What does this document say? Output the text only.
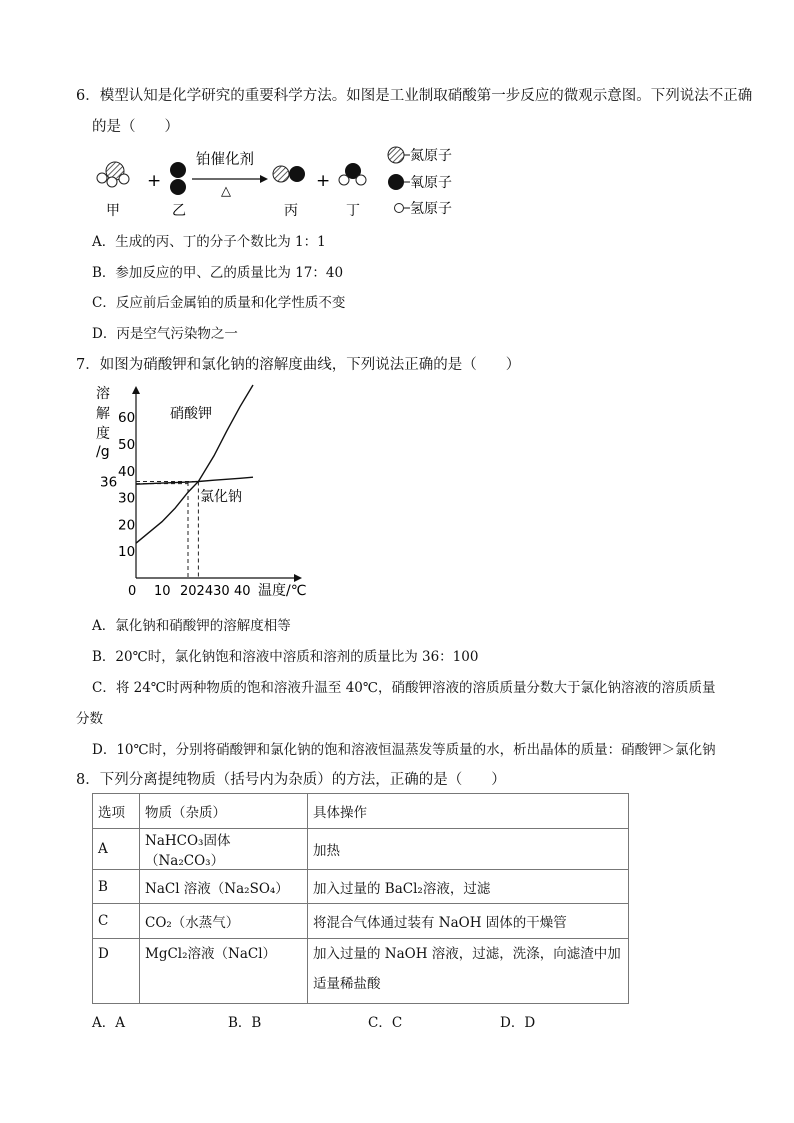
6．模型认知是化学研究的重要科学方法。如图是工业制取硝酸第一步反应的微观示意图。下列说法不正确
的是（　　）
+
铂催化剂
△
+
甲	乙	丙	丁
氮原子
氧原子
氢原子
A．生成的丙、丁的分子个数比为 1：1
B．参加反应的甲、乙的质量比为 17：40
C．反应前后金属铂的质量和化学性质不变
D．丙是空气污染物之一
7．如图为硝酸钾和氯化钠的溶解度曲线，下列说法正确的是（　　）
溶
解
度
/g
10
20
30
40
50
60
36
0 10 202430 40 温度/℃
硝酸钾
氯化钠
A．氯化钠和硝酸钾的溶解度相等
B．20℃时，氯化钠饱和溶液中溶质和溶剂的质量比为 36：100
C．将 24℃时两种物质的饱和溶液升温至 40℃，硝酸钾溶液的溶质质量分数大于氯化钠溶液的溶质质量
分数
D．10℃时，分别将硝酸钾和氯化钠的饱和溶液恒温蒸发等质量的水，析出晶体的质量：硝酸钾＞氯化钠
8．下列分离提纯物质（括号内为杂质）的方法，正确的是（　　）
选项	物质（杂质）	具体操作
A	NaHCO₃固体（Na₂CO₃）	加热
B	NaCl 溶液（Na₂SO₄）	加入过量的 BaCl₂溶液，过滤
C	CO₂（水蒸气）	将混合气体通过装有 NaOH 固体的干燥管
D	MgCl₂溶液（NaCl）	加入过量的 NaOH 溶液，过滤，洗涤，向滤渣中加适量稀盐酸
A．A	B．B	C．C	D．D
